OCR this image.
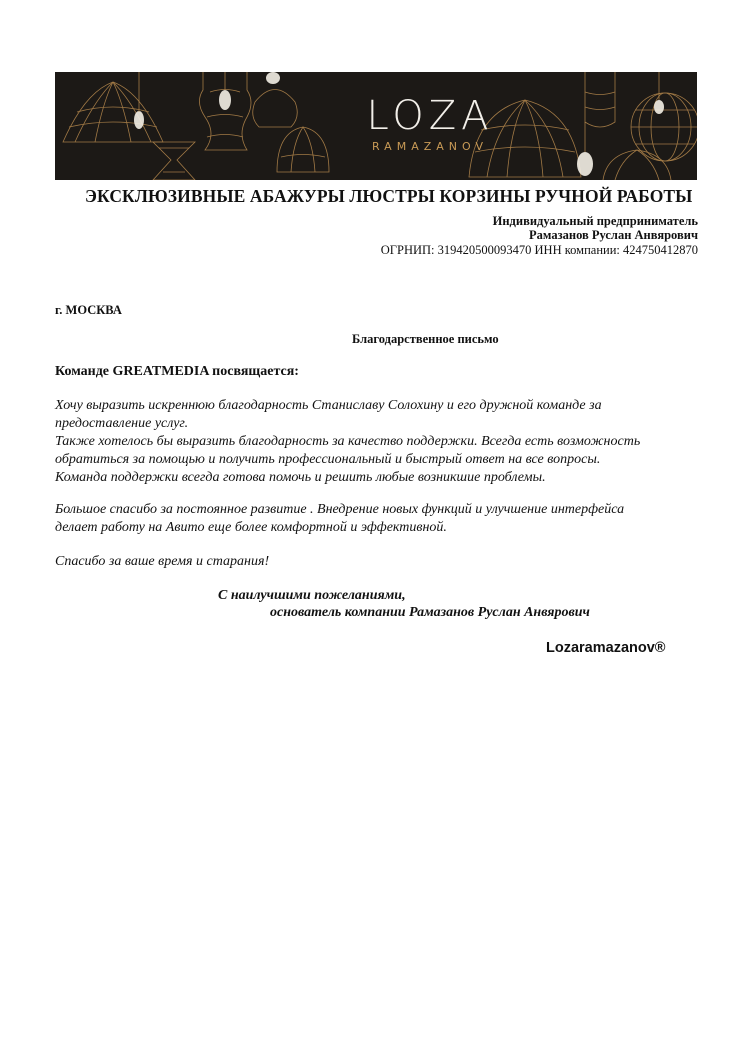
LOZA
RAMAZANOV
ЭКСКЛЮЗИВНЫЕ АБАЖУРЫ ЛЮСТРЫ КОРЗИНЫ РУЧНОЙ РАБОТЫ
Индивидуальный предприниматель
Рамазанов Руслан Анвярович
ОГРНИП: 319420500093470 ИНН компании: 424750412870
г. МОСКВА
Благодарственное письмо
Команде GREATMEDIA посвящается:

Хочу выразить искреннюю благодарность Станиславу Солохину и его дружной команде за

предоставление услуг.

Также хотелось бы выразить благодарность за качество поддержки. Всегда есть возможность

обратиться за помощью и получить профессиональный и быстрый ответ на все вопросы.

Команда поддержки всегда готова помочь и решить любые возникшие проблемы.

Большое спасибо за постоянное развитие . Внедрение новых функций и улучшение интерфейса

делает работу на Авито еще более комфортной и эффективной.

Спасибо за ваше время и старания!

С наилучшими пожеланиями,
основатель компании Рамазанов Руслан Анвярович
Lozaramazanov®
